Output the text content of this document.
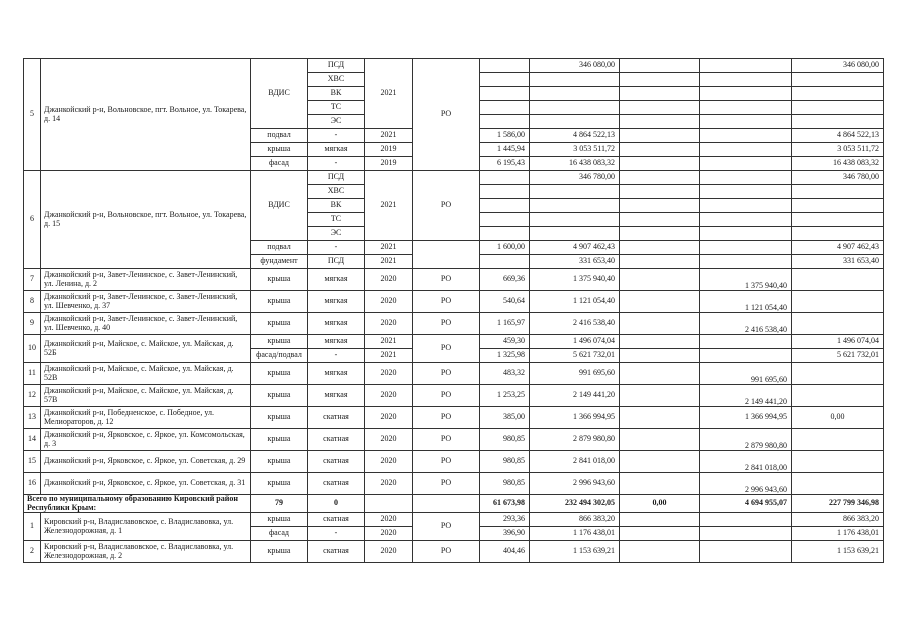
5	Джанкойский р-н, Вольновское, пгт. Вольное, ул. Токарева, д. 14	ВДИС	ПСД	2021	РО		346 080,00			346 080,00
			ХВС							
			ВК							
			ТС							
			ЭС							
		подвал	-	2021		1 586,00	4 864 522,13			4 864 522,13
		крыша	мягкая	2019		1 445,94	3 053 511,72			3 053 511,72
		фасад	-	2019		6 195,43	16 438 083,32			16 438 083,32
6	Джанкойский р-н, Вольновское, пгт. Вольное, ул. Токарева, д. 15	ВДИС	ПСД	2021	РО		346 780,00			346 780,00
			ХВС							
			ВК							
			ТС							
			ЭС							
		подвал	-	2021		1 600,00	4 907 462,43			4 907 462,43
		фундамент	ПСД	2021			331 653,40			331 653,40
7	Джанкойский р-н, Завет-Ленинское, с. Завет-Ленинский, ул. Ленина, д. 2	крыша	мягкая	2020	РО	669,36	1 375 940,40		1 375 940,40	
8	Джанкойский р-н, Завет-Ленинское, с. Завет-Ленинский, ул. Шевченко, д. 37	крыша	мягкая	2020	РО	540,64	1 121 054,40		1 121 054,40	
9	Джанкойский р-н, Завет-Ленинское, с. Завет-Ленинский, ул. Шевченко, д. 40	крыша	мягкая	2020	РО	1 165,97	2 416 538,40		2 416 538,40	
10	Джанкойский р-н, Майское, с. Майское, ул. Майская, д. 52Б	крыша	мягкая	2021	РО	459,30	1 496 074,04			1 496 074,04
		фасад/подвал	-	2021		1 325,98	5 621 732,01			5 621 732,01
11	Джанкойский р-н, Майское, с. Майское, ул. Майская, д. 52В	крыша	мягкая	2020	РО	483,32	991 695,60		991 695,60	
12	Джанкойский р-н, Майское, с. Майское, ул. Майская, д. 57В	крыша	мягкая	2020	РО	1 253,25	2 149 441,20		2 149 441,20	
13	Джанкойский р-н, Победненское, с. Победное, ул. Мелиораторов, д. 12	крыша	скатная	2020	РО	385,00	1 366 994,95		1 366 994,95	0,00
14	Джанкойский р-н, Ярковское, с. Яркое, ул. Комсомольская, д. 3	крыша	скатная	2020	РО	980,85	2 879 980,80		2 879 980,80	
15	Джанкойский р-н, Ярковское, с. Яркое, ул. Советская, д. 29	крыша	скатная	2020	РО	980,85	2 841 018,00		2 841 018,00	
16	Джанкойский р-н, Ярковское, с. Яркое, ул. Советская, д. 31	крыша	скатная	2020	РО	980,85	2 996 943,60		2 996 943,60	
Всего по муниципальному образованию Кировский район Республики Крым:		79	0			61 673,98	232 494 302,05	0,00	4 694 955,07	227 799 346,98
1	Кировский р-н, Владиславовское, с. Владиславовка, ул. Железнодорожная, д. 1	крыша	скатная	2020	РО	293,36	866 383,20			866 383,20
		фасад	-	2020		396,90	1 176 438,01			1 176 438,01
2	Кировский р-н, Владиславовское, с. Владиславовка, ул. Железнодорожная, д. 2	крыша	скатная	2020	РО	404,46	1 153 639,21			1 153 639,21
